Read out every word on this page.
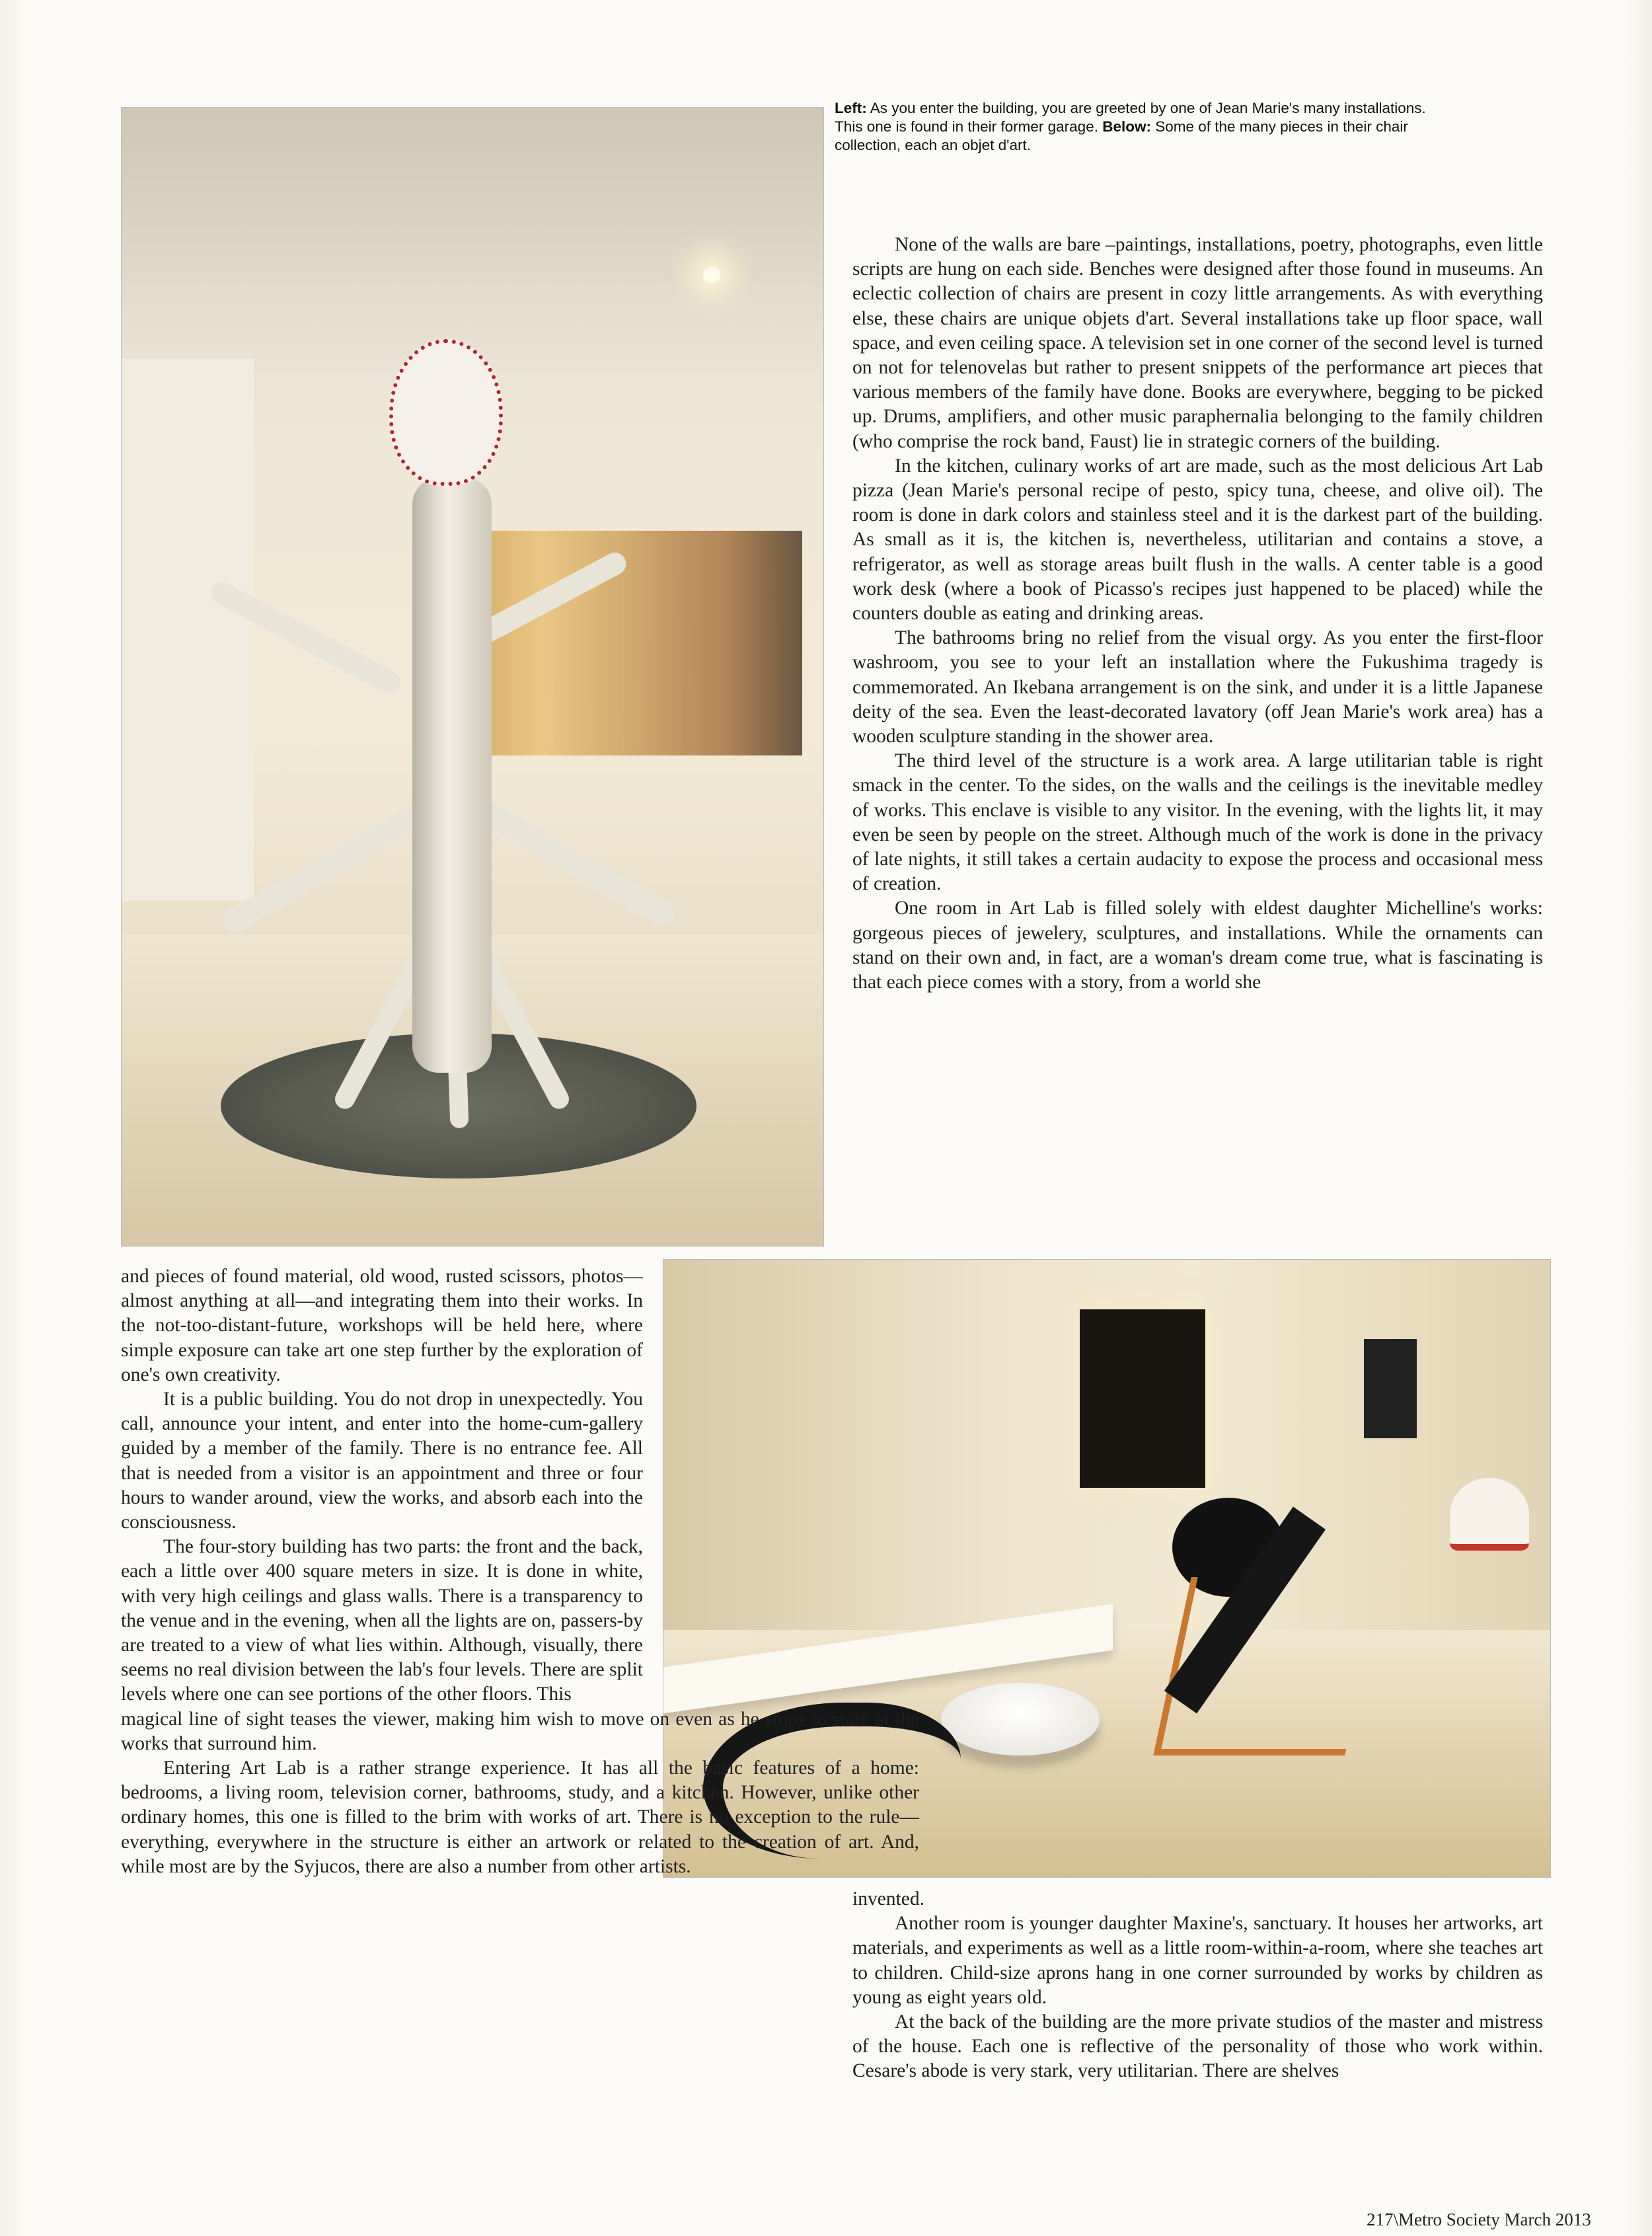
Left: As you enter the building, you are greeted by one of Jean Marie's many installations. This one is found in their former garage. Below: Some of the many pieces in their chair collection, each an objet d'art.

None of the walls are bare –paintings, installations, poetry, photographs, even little scripts are hung on each side. Benches were designed after those found in museums. An eclectic collection of chairs are present in cozy little arrangements. As with everything else, these chairs are unique objets d'art. Several installations take up floor space, wall space, and even ceiling space. A television set in one corner of the second level is turned on not for telenovelas but rather to present snippets of the performance art pieces that various members of the family have done. Books are everywhere, begging to be picked up. Drums, amplifiers, and other music paraphernalia belonging to the family children (who comprise the rock band, Faust) lie in strategic corners of the building.

In the kitchen, culinary works of art are made, such as the most delicious Art Lab pizza (Jean Marie's personal recipe of pesto, spicy tuna, cheese, and olive oil). The room is done in dark colors and stainless steel and it is the darkest part of the building. As small as it is, the kitchen is, nevertheless, utilitarian and contains a stove, a refrigerator, as well as storage areas built flush in the walls. A center table is a good work desk (where a book of Picasso's recipes just happened to be placed) while the counters double as eating and drinking areas.

The bathrooms bring no relief from the visual orgy. As you enter the first-floor washroom, you see to your left an installation where the Fukushima tragedy is commemorated. An Ikebana arrangement is on the sink, and under it is a little Japanese deity of the sea. Even the least-decorated lavatory (off Jean Marie's work area) has a wooden sculpture standing in the shower area.

The third level of the structure is a work area. A large utilitarian table is right smack in the center. To the sides, on the walls and the ceilings is the inevitable medley of works. This enclave is visible to any visitor. In the evening, with the lights lit, it may even be seen by people on the street. Although much of the work is done in the privacy of late nights, it still takes a certain audacity to expose the process and occasional mess of creation.

One room in Art Lab is filled solely with eldest daughter Michelline's works: gorgeous pieces of jewelery, sculptures, and installations. While the ornaments can stand on their own and, in fact, are a woman's dream come true, what is fascinating is that each piece comes with a story, from a world she

and pieces of found material, old wood, rusted scissors, photos—almost anything at all—and integrating them into their works. In the not-too-distant-future, workshops will be held here, where simple exposure can take art one step further by the exploration of one's own creativity.

It is a public building. You do not drop in unexpectedly. You call, announce your intent, and enter into the home-cum-gallery guided by a member of the family. There is no entrance fee. All that is needed from a visitor is an appointment and three or four hours to wander around, view the works, and absorb each into the consciousness.

The four-story building has two parts: the front and the back, each a little over 400 square meters in size. It is done in white, with very high ceilings and glass walls. There is a transparency to the venue and in the evening, when all the lights are on, passers-by are treated to a view of what lies within. Although, visually, there seems no real division between the lab's four levels. There are split levels where one can see portions of the other floors. This

magical line of sight teases the viewer, making him wish to move on even as he stops to stare at the works that surround him.

Entering Art Lab is a rather strange experience. It has all the basic features of a home: bedrooms, a living room, television corner, bathrooms, study, and a kitchen. However, unlike other ordinary homes, this one is filled to the brim with works of art. There is no exception to the rule—everything, everywhere in the structure is either an artwork or related to the creation of art. And, while most are by the Syjucos, there are also a number from other artists.

invented.

Another room is younger daughter Maxine's, sanctuary. It houses her artworks, art materials, and experiments as well as a little room-within-a-room, where she teaches art to children. Child-size aprons hang in one corner surrounded by works by children as young as eight years old.

At the back of the building are the more private studios of the master and mistress of the house. Each one is reflective of the personality of those who work within. Cesare's abode is very stark, very utilitarian. There are shelves

217\Metro Society March 2013
